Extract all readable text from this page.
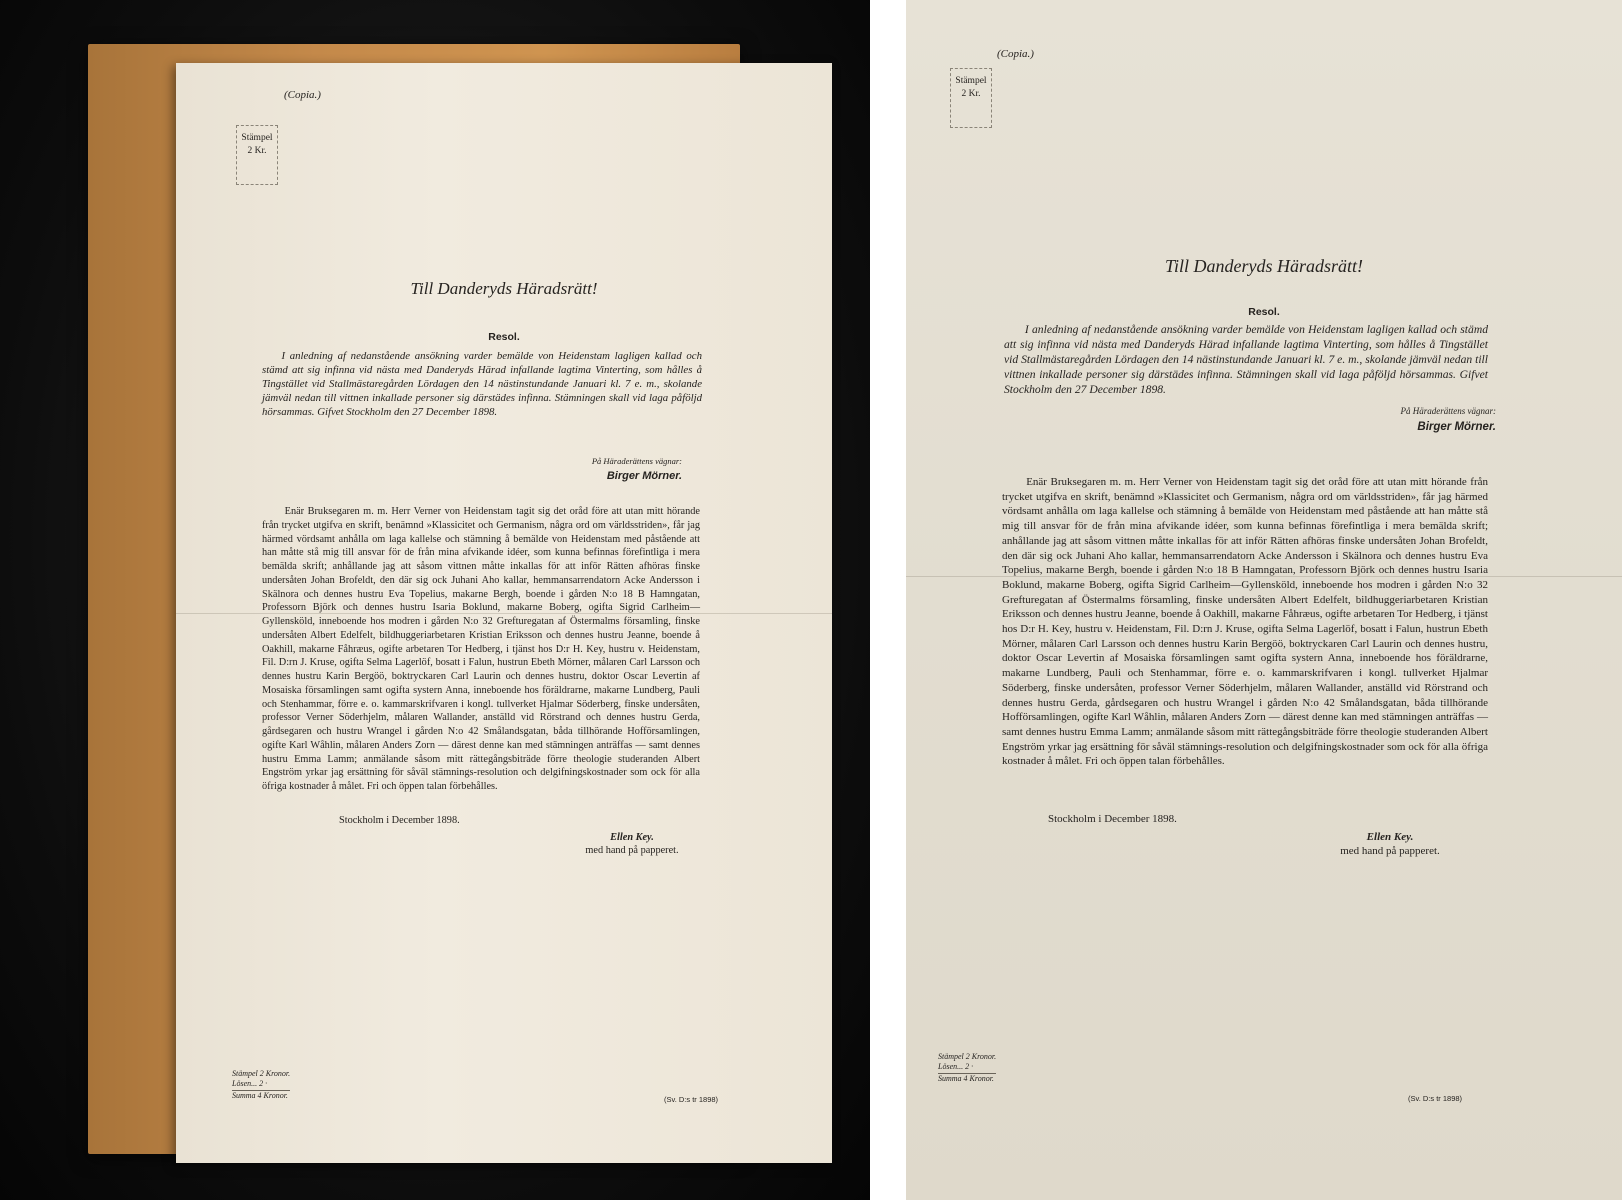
(Copia.)
Stämpel
2 Kr.
Till Danderyds Häradsrätt!
Resol.
I anledning af nedanstående ansökning varder bemälde von Heidenstam lagligen kallad och stämd att sig infinna vid nästa med Danderyds Härad infallande lagtima Vinterting, som hålles å Tingstället vid Stallmästaregården Lördagen den 14 nästinstundande Januari kl. 7 e. m., skolande jämväl nedan till vittnen inkallade personer sig därstädes infinna. Stämningen skall vid laga påföljd hörsammas. Gifvet Stockholm den 27 December 1898.
På Häraderättens vägnar:
Birger Mörner.
Enär Bruksegaren m. m. Herr Verner von Heidenstam tagit sig det oråd före att utan mitt hörande från trycket utgifva en skrift, benämnd »Klassicitet och Germanism, några ord om världsstriden», får jag härmed vördsamt anhålla om laga kallelse och stämning å bemälde von Heidenstam med påstående att han måtte stå mig till ansvar för de från mina afvikande idéer, som kunna befinnas förefintliga i mera bemälda skrift; anhållande jag att såsom vittnen måtte inkallas för att inför Rätten afhöras finske undersåten Johan Brofeldt, den där sig ock Juhani Aho kallar, hemmansarrendatorn Acke Andersson i Skälnora och dennes hustru Eva Topelius, makarne Bergh, boende i gården N:o 18 B Hamngatan, Professorn Björk och dennes hustru Isaria Boklund, makarne Boberg, ogifta Sigrid Carlheim—Gyllensköld, inneboende hos modren i gården N:o 32 Grefturegatan af Östermalms församling, finske undersåten Albert Edelfelt, bildhuggeriarbetaren Kristian Eriksson och dennes hustru Jeanne, boende å Oakhill, makarne Fåhræus, ogifte arbetaren Tor Hedberg, i tjänst hos D:r H. Key, hustru v. Heidenstam, Fil. D:rn J. Kruse, ogifta Selma Lagerlöf, bosatt i Falun, hustrun Ebeth Mörner, målaren Carl Larsson och dennes hustru Karin Bergöö, boktryckaren Carl Laurin och dennes hustru, doktor Oscar Levertin af Mosaiska församlingen samt ogifta systern Anna, inneboende hos föräldrarne, makarne Lundberg, Pauli och Stenhammar, förre e. o. kammarskrifvaren i kongl. tullverket Hjalmar Söderberg, finske undersåten, professor Verner Söderhjelm, målaren Wallander, anställd vid Rörstrand och dennes hustru Gerda, gårdsegaren och hustru Wrangel i gården N:o 42 Smålandsgatan, båda tillhörande Hofförsamlingen, ogifte Karl Wåhlin, målaren Anders Zorn — därest denne kan med stämningen anträffas — samt dennes hustru Emma Lamm; anmälande såsom mitt rättegångsbiträde förre theologie studeranden Albert Engström yrkar jag ersättning för såväl stämnings-resolution och delgifningskostnader som ock för alla öfriga kostnader å målet. Fri och öppen talan förbehålles.
Stockholm i December 1898.
Ellen Key.
med hand på papperet.
Stämpel 2 Kronor.
Lösen... 2 ·
Summa 4 Kronor.	(Sv. D:s tr 1898)
(Copia.)
Stämpel
2 Kr.
Till Danderyds Häradsrätt!
Resol.
I anledning af nedanstående ansökning varder bemälde von Heidenstam lagligen kallad och stämd att sig infinna vid nästa med Danderyds Härad infallande lagtima Vinterting, som hålles å Tingstället vid Stallmästaregården Lördagen den 14 nästinstundande Januari kl. 7 e. m., skolande jämväl nedan till vittnen inkallade personer sig därstädes infinna. Stämningen skall vid laga påföljd hörsammas. Gifvet Stockholm den 27 December 1898.
På Häraderättens vägnar:
Birger Mörner.
Enär Bruksegaren m. m. Herr Verner von Heidenstam tagit sig det oråd före att utan mitt hörande från trycket utgifva en skrift, benämnd »Klassicitet och Germanism, några ord om världsstriden», får jag härmed vördsamt anhålla om laga kallelse och stämning å bemälde von Heidenstam med påstående att han måtte stå mig till ansvar för de från mina afvikande idéer, som kunna befinnas förefintliga i mera bemälda skrift; anhållande jag att såsom vittnen måtte inkallas för att inför Rätten afhöras finske undersåten Johan Brofeldt, den där sig ock Juhani Aho kallar, hemmansarrendatorn Acke Andersson i Skälnora och dennes hustru Eva Topelius, makarne Bergh, boende i gården N:o 18 B Hamngatan, Professorn Björk och dennes hustru Isaria Boklund, makarne Boberg, ogifta Sigrid Carlheim—Gyllensköld, inneboende hos modren i gården N:o 32 Grefturegatan af Östermalms församling, finske undersåten Albert Edelfelt, bildhuggeriarbetaren Kristian Eriksson och dennes hustru Jeanne, boende å Oakhill, makarne Fåhræus, ogifte arbetaren Tor Hedberg, i tjänst hos D:r H. Key, hustru v. Heidenstam, Fil. D:rn J. Kruse, ogifta Selma Lagerlöf, bosatt i Falun, hustrun Ebeth Mörner, målaren Carl Larsson och dennes hustru Karin Bergöö, boktryckaren Carl Laurin och dennes hustru, doktor Oscar Levertin af Mosaiska församlingen samt ogifta systern Anna, inneboende hos föräldrarne, makarne Lundberg, Pauli och Stenhammar, förre e. o. kammarskrifvaren i kongl. tullverket Hjalmar Söderberg, finske undersåten, professor Verner Söderhjelm, målaren Wallander, anställd vid Rörstrand och dennes hustru Gerda, gårdsegaren och hustru Wrangel i gården N:o 42 Smålandsgatan, båda tillhörande Hofförsamlingen, ogifte Karl Wåhlin, målaren Anders Zorn — därest denne kan med stämningen anträffas — samt dennes hustru Emma Lamm; anmälande såsom mitt rättegångsbiträde förre theologie studeranden Albert Engström yrkar jag ersättning för såväl stämnings-resolution och delgifningskostnader som ock för alla öfriga kostnader å målet. Fri och öppen talan förbehålles.
Stockholm i December 1898.
Ellen Key.
med hand på papperet.
Stämpel 2 Kronor.
Lösen... 2 ·
Summa 4 Kronor.
(Sv. D:s tr 1898)
